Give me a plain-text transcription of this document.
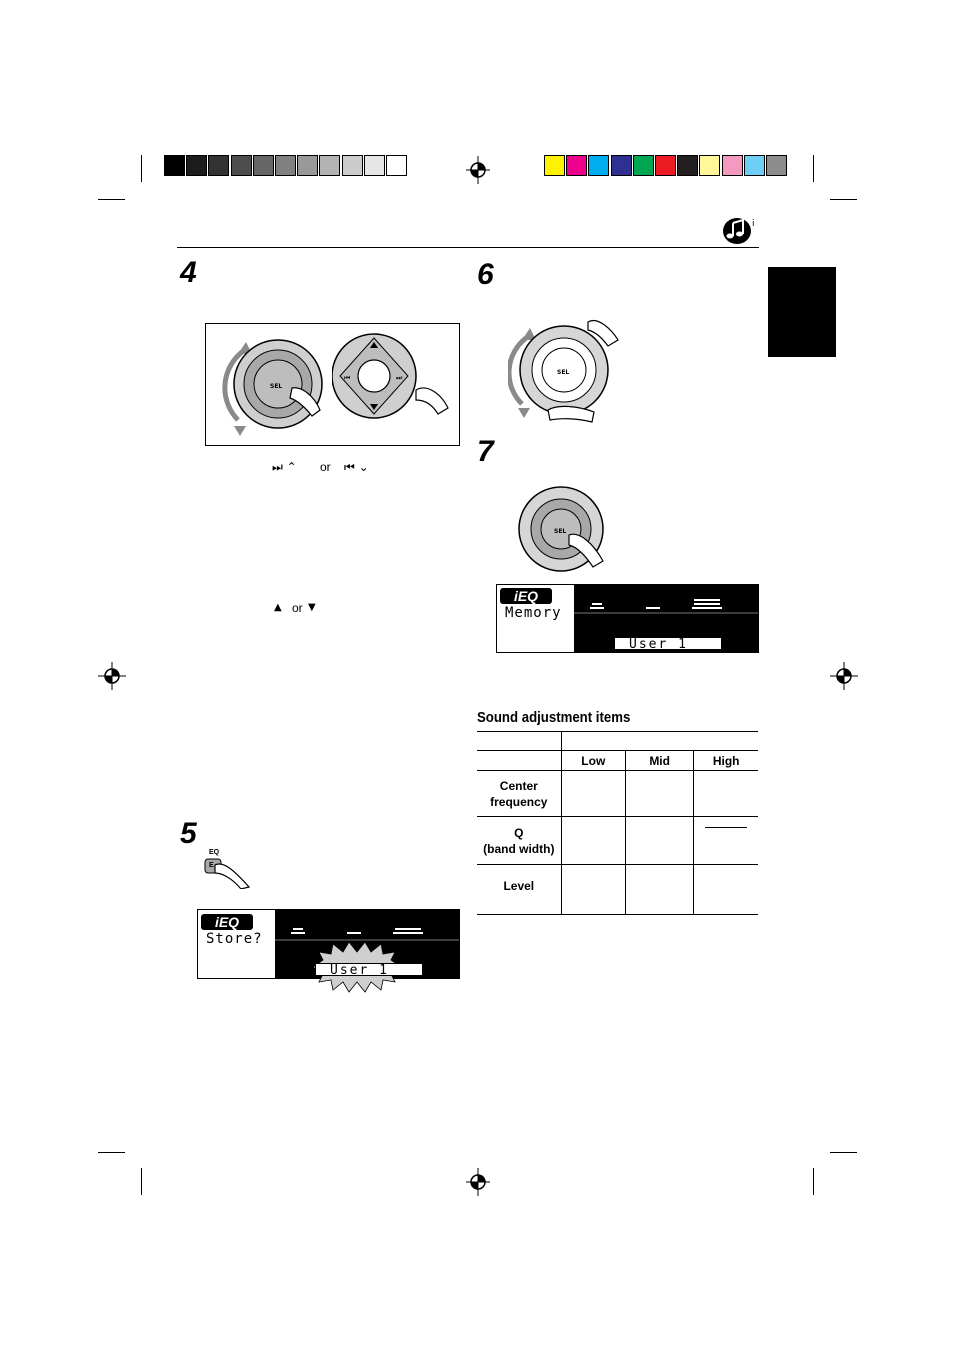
i
4
SEL
⏮	⏭
⏭ ⌃ or ⏮ ⌄
▲ or ▼
5
EQ
E
iEQ
Store?
User 1
6
SEL
7
SEL
iEQ
Memory
User 1
Sound adjustment items

	Low	Mid	High

Center
frequency			

Q
(band width)			

Level			
